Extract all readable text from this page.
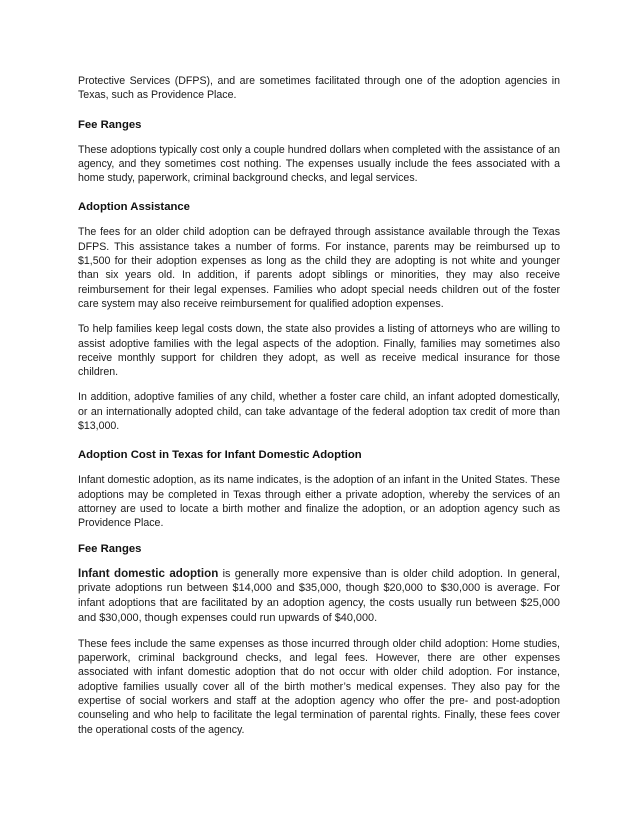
Protective Services (DFPS), and are sometimes facilitated through one of the adoption agencies in Texas, such as Providence Place.

Fee Ranges

These adoptions typically cost only a couple hundred dollars when completed with the assistance of an agency, and they sometimes cost nothing. The expenses usually include the fees associated with a home study, paperwork, criminal background checks, and legal services.

Adoption Assistance

The fees for an older child adoption can be defrayed through assistance available through the Texas DFPS. This assistance takes a number of forms. For instance, parents may be reimbursed up to $1,500 for their adoption expenses as long as the child they are adopting is not white and younger than six years old. In addition, if parents adopt siblings or minorities, they may also receive reimbursement for their legal expenses. Families who adopt special needs children out of the foster care system may also receive reimbursement for qualified adoption expenses.

To help families keep legal costs down, the state also provides a listing of attorneys who are willing to assist adoptive families with the legal aspects of the adoption. Finally, families may sometimes also receive monthly support for children they adopt, as well as receive medical insurance for those children.

In addition, adoptive families of any child, whether a foster care child, an infant adopted domestically, or an internationally adopted child, can take advantage of the federal adoption tax credit of more than $13,000.

Adoption Cost in Texas for Infant Domestic Adoption

Infant domestic adoption, as its name indicates, is the adoption of an infant in the United States. These adoptions may be completed in Texas through either a private adoption, whereby the services of an attorney are used to locate a birth mother and finalize the adoption, or an adoption agency such as Providence Place.

Fee Ranges

Infant domestic adoption is generally more expensive than is older child adoption. In general, private adoptions run between $14,000 and $35,000, though $20,000 to $30,000 is average. For infant adoptions that are facilitated by an adoption agency, the costs usually run between $25,000 and $30,000, though expenses could run upwards of $40,000.

These fees include the same expenses as those incurred through older child adoption: Home studies, paperwork, criminal background checks, and legal fees. However, there are other expenses associated with infant domestic adoption that do not occur with older child adoption. For instance, adoptive families usually cover all of the birth mother’s medical expenses. They also pay for the expertise of social workers and staff at the adoption agency who offer the pre- and post-adoption counseling and who help to facilitate the legal termination of parental rights. Finally, these fees cover the operational costs of the agency.
